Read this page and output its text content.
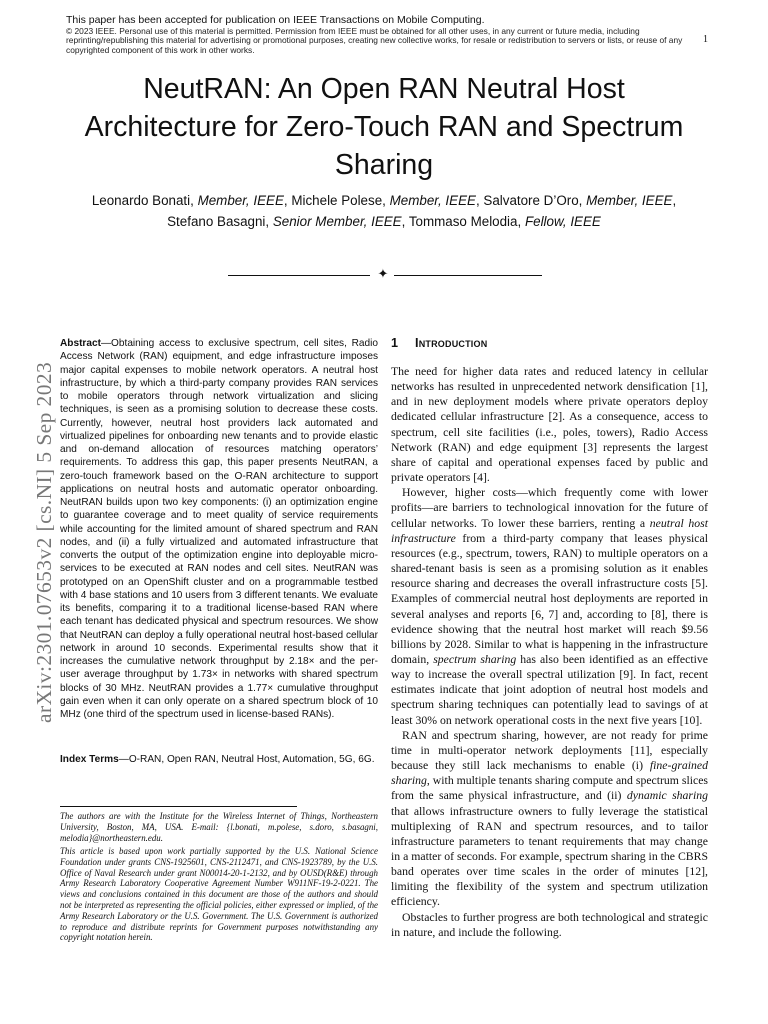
This paper has been accepted for publication on IEEE Transactions on Mobile Computing.

© 2023 IEEE. Personal use of this material is permitted. Permission from IEEE must be obtained for all other uses, in any current or future media, including reprinting/republishing this material for advertising or promotional purposes, creating new collective works, for resale or redistribution to servers or lists, or reuse of any copyrighted component of this work in other works.

1
arXiv:2301.07653v2 [cs.NI] 5 Sep 2023
NeutRAN: An Open RAN Neutral Host Architecture for Zero-Touch RAN and Spectrum Sharing

Leonardo Bonati, Member, IEEE, Michele Polese, Member, IEEE, Salvatore D’Oro, Member, IEEE,
Stefano Basagni, Senior Member, IEEE, Tommaso Melodia, Fellow, IEEE

✦

Abstract—Obtaining access to exclusive spectrum, cell sites, Radio Access Network (RAN) equipment, and edge infrastructure imposes major capital expenses to mobile network operators. A neutral host infrastructure, by which a third-party company provides RAN services to mobile operators through network virtualization and slicing techniques, is seen as a promising solution to decrease these costs. Currently, however, neutral host providers lack automated and virtualized pipelines for onboarding new tenants and to provide elastic and on-demand allocation of resources matching operators’ requirements. To address this gap, this paper presents NeutRAN, a zero-touch framework based on the O-RAN architecture to support applications on neutral hosts and automatic operator onboarding. NeutRAN builds upon two key components: (i) an optimization engine to guarantee coverage and to meet quality of service requirements while accounting for the limited amount of shared spectrum and RAN nodes, and (ii) a fully virtualized and automated infrastructure that converts the output of the optimization engine into deployable micro-services to be executed at RAN nodes and cell sites. NeutRAN was prototyped on an OpenShift cluster and on a programmable testbed with 4 base stations and 10 users from 3 different tenants. We evaluate its benefits, comparing it to a traditional license-based RAN where each tenant has dedicated physical and spectrum resources. We show that NeutRAN can deploy a fully operational neutral host-based cellular network in around 10 seconds. Experimental results show that it increases the cumulative network throughput by 2.18× and the per-user average throughput by 1.73× in networks with shared spectrum blocks of 30 MHz. NeutRAN provides a 1.77× cumulative throughput gain even when it can only operate on a shared spectrum block of 10 MHz (one third of the spectrum used in license-based RANs).

Index Terms—O-RAN, Open RAN, Neutral Host, Automation, 5G, 6G.

The authors are with the Institute for the Wireless Internet of Things, Northeastern University, Boston, MA, USA. E-mail: {l.bonati, m.polese, s.doro, s.basagni, melodia}@northeastern.edu.

This article is based upon work partially supported by the U.S. National Science Foundation under grants CNS-1925601, CNS-2112471, and CNS-1923789, by the U.S. Office of Naval Research under grant N00014-20-1-2132, and by OUSD(R&E) through Army Research Laboratory Cooperative Agreement Number W911NF-19-2-0221. The views and conclusions contained in this document are those of the authors and should not be interpreted as representing the official policies, either expressed or implied, of the Army Research Laboratory or the U.S. Government. The U.S. Government is authorized to reproduce and distribute reprints for Government purposes notwithstanding any copyright notation herein.

1 Introduction

The need for higher data rates and reduced latency in cellular networks has resulted in unprecedented network densification [1], and in new deployment models where private operators deploy dedicated cellular infrastructure [2]. As a consequence, access to spectrum, cell site facilities (i.e., poles, towers), Radio Access Network (RAN) and edge equipment [3] represents the largest share of capital and operational expenses faced by public and private operators [4].

However, higher costs—which frequently come with lower profits—are barriers to technological innovation for the future of cellular networks. To lower these barriers, renting a neutral host infrastructure from a third-party company that leases physical resources (e.g., spectrum, towers, RAN) to multiple operators on a shared-tenant basis is seen as a promising solution as it enables resource sharing and decreases the overall infrastructure costs [5]. Examples of commercial neutral host deployments are reported in several analyses and reports [6, 7] and, according to [8], there is evidence showing that the neutral host market will reach $9.56 billions by 2028. Similar to what is happening in the infrastructure domain, spectrum sharing has also been identified as an effective way to increase the overall spectral utilization [9]. In fact, recent estimates indicate that joint adoption of neutral host models and spectrum sharing techniques can potentially lead to savings of at least 30% on network operational costs in the next five years [10].

RAN and spectrum sharing, however, are not ready for prime time in multi-operator network deployments [11], especially because they still lack mechanisms to enable (i) fine-grained sharing, with multiple tenants sharing compute and spectrum slices from the same physical infrastructure, and (ii) dynamic sharing that allows infrastructure owners to fully leverage the statistical multiplexing of RAN and spectrum resources, and to tailor infrastructure parameters to tenant requirements that may change in a matter of seconds. For example, spectrum sharing in the CBRS band operates over time scales in the order of minutes [12], limiting the flexibility of the system and spectrum utilization efficiency.

Obstacles to further progress are both technological and strategic in nature, and include the following.
